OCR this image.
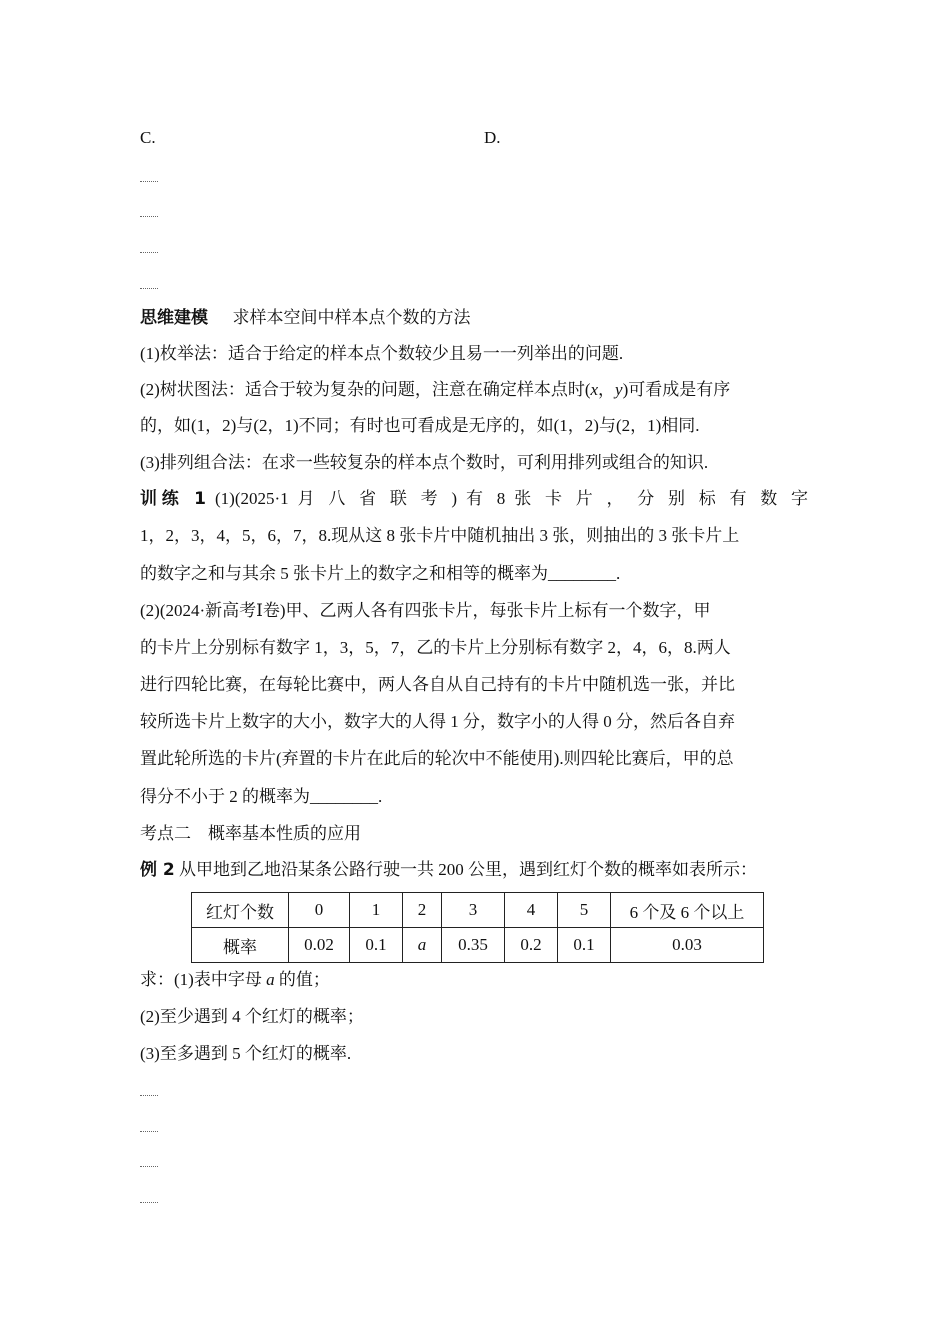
C.	D.
思维建模 求样本空间中样本点个数的方法
(1)枚举法：适合于给定的样本点个数较少且易一一列举出的问题.
(2)树状图法：适合于较为复杂的问题，注意在确定样本点时(x，y)可看成是有序
的，如(1，2)与(2，1)不同；有时也可看成是无序的，如(1，2)与(2，1)相同.
(3)排列组合法：在求一些较复杂的样本点个数时，可利用排列或组合的知识.
训练 1 (1)(2025·1 月 八 省 联 考 ) 有 8 张 卡 片 ， 分 别 标 有 数 字
1，2，3，4，5，6，7，8.现从这 8 张卡片中随机抽出 3 张，则抽出的 3 张卡片上
的数字之和与其余 5 张卡片上的数字之和相等的概率为________.
(2)(2024·新高考Ⅰ卷)甲、乙两人各有四张卡片，每张卡片上标有一个数字，甲
的卡片上分别标有数字 1，3，5，7，乙的卡片上分别标有数字 2，4，6，8.两人
进行四轮比赛，在每轮比赛中，两人各自从自己持有的卡片中随机选一张，并比
较所选卡片上数字的大小，数字大的人得 1 分，数字小的人得 0 分，然后各自弃
置此轮所选的卡片(弃置的卡片在此后的轮次中不能使用).则四轮比赛后，甲的总
得分不小于 2 的概率为________.
考点二　概率基本性质的应用
例 2 从甲地到乙地沿某条公路行驶一共 200 公里，遇到红灯个数的概率如表所示：
红灯个数	0	1	2	3	4	5	6 个及 6 个以上
概率	0.02	0.1	a	0.35	0.2	0.1	0.03
求：(1)表中字母 a 的值；
(2)至少遇到 4 个红灯的概率；
(3)至多遇到 5 个红灯的概率.
